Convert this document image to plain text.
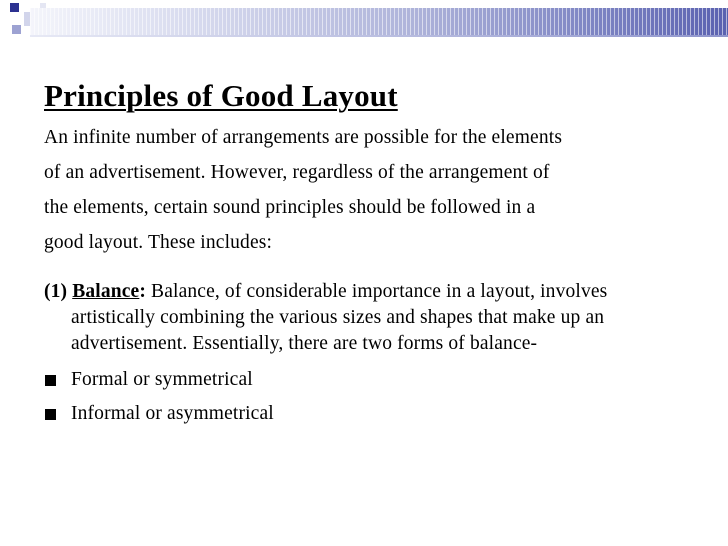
Principles of Good Layout

An infinite number of arrangements are possible for the elements
of an advertisement. However, regardless of the arrangement of
the elements, certain sound principles should be followed in a
good layout. These includes:

(1) Balance: Balance, of considerable importance in a layout, involves artistically combining the various sizes and shapes that make up an advertisement. Essentially, there are two forms of balance-
Formal or symmetrical
Informal or asymmetrical
